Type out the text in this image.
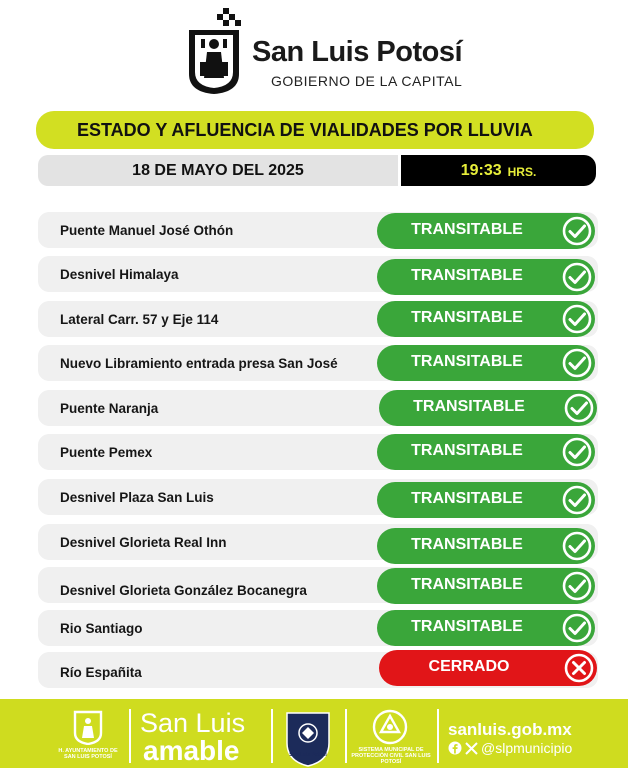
San Luis Potosí
GOBIERNO DE LA CAPITAL
ESTADO Y AFLUENCIA DE VIALIDADES POR LLUVIA
18 DE MAYO DEL 2025	19:33 HRS.
Puente Manuel José Othón	TRANSITABLE
Desnivel Himalaya	TRANSITABLE
Lateral Carr. 57 y Eje 114	TRANSITABLE
Nuevo Libramiento entrada presa San José	TRANSITABLE
Puente Naranja	TRANSITABLE
Puente Pemex	TRANSITABLE
Desnivel Plaza San Luis	TRANSITABLE
Desnivel Glorieta Real Inn	TRANSITABLE
Desnivel Glorieta González Bocanegra	TRANSITABLE
Rio Santiago	TRANSITABLE
Río Españita	CERRADO
H. AYUNTAMIENTO DE SAN LUIS POTOSÍ
San Luis
amable	San Luis Potosí
SISTEMA MUNICIPAL DE PROTECCIÓN CIVIL SAN LUIS POTOSÍ
sanluis.gob.mx
@slpmunicipio
